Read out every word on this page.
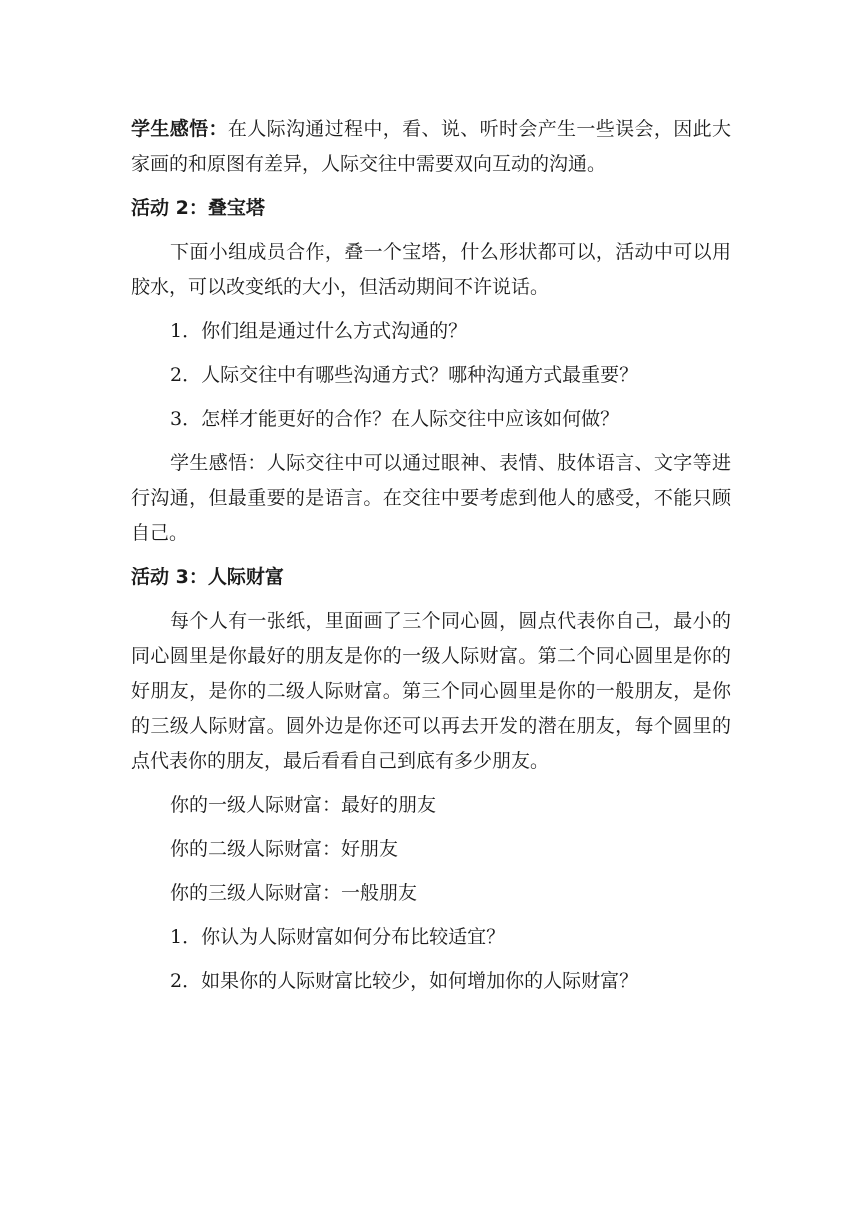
学生感悟：在人际沟通过程中，看、说、听时会产生一些误会，因此大家画的和原图有差异，人际交往中需要双向互动的沟通。

活动 2：叠宝塔

下面小组成员合作，叠一个宝塔，什么形状都可以，活动中可以用胶水，可以改变纸的大小，但活动期间不许说话。

1．你们组是通过什么方式沟通的？
2．人际交往中有哪些沟通方式？哪种沟通方式最重要？
3．怎样才能更好的合作？在人际交往中应该如何做？

学生感悟：人际交往中可以通过眼神、表情、肢体语言、文字等进行沟通，但最重要的是语言。在交往中要考虑到他人的感受，不能只顾自己。

活动 3：人际财富

每个人有一张纸，里面画了三个同心圆，圆点代表你自己，最小的同心圆里是你最好的朋友是你的一级人际财富。第二个同心圆里是你的好朋友，是你的二级人际财富。第三个同心圆里是你的一般朋友，是你的三级人际财富。圆外边是你还可以再去开发的潜在朋友，每个圆里的点代表你的朋友，最后看看自己到底有多少朋友。

你的一级人际财富：最好的朋友
你的二级人际财富：好朋友
你的三级人际财富：一般朋友
1．你认为人际财富如何分布比较适宜？
2．如果你的人际财富比较少，如何增加你的人际财富？
